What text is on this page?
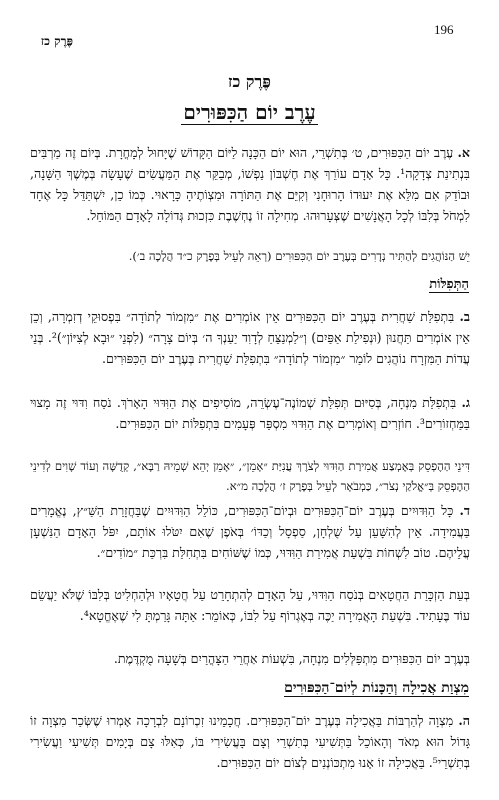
196
פֶּרֶק כז
פֶּרֶק כז
עֶרֶב יוֹם הַכִּפּוּרִים
א. עֶרֶב יוֹם הַכִּפּוּרִים, ט׳ בְּתִשְׁרֵי, הוּא יוֹם הַכָּנָה לַיּוֹם הַקָּדוֹשׁ שֶׁיָּחוּל לְמָחֳרָת. בְּיוֹם זֶה מַרְבִּים בִּנְתִינַת צְדָקָה¹. כָּל אָדָם עוֹרֵךְ אֶת חֶשְׁבּוֹן נַפְשׁוֹ, מְבַקֵּר אֶת הַמַּעֲשִׂים שֶׁעָשָׂה בְּמֶשֶׁךְ הַשָּׁנָה, וּבוֹדֵק אִם מִלֵּא אֶת יִעוּדוֹ הָרוּחָנִי וְקִיֵּם אֶת הַתּוֹרָה וּמִצְוֹתֶיהָ כָּרָאוּי. כְּמוֹ כֵן, יִשְׁתַּדֵּל כָּל אֶחָד לִמְחֹל בְּלִבּוֹ לְכָל הָאֲנָשִׁים שֶׁצְּעָרוּהוּ. מְחִילָה זוֹ נֶחְשֶׁבֶת כִּזְכוּת גְּדוֹלָה לָאָדָם הַמּוֹחֵל.
יֵשׁ הַנּוֹהֲגִים לְהַתִּיר נְדָרִים בְּעֶרֶב יוֹם הַכִּפּוּרִים (רְאֵה לְעֵיל בְּפֶרֶק כ״ד הֲלָכָה ב׳).
הַתְּפִלּוֹת
ב. בִּתְפִלַּת שַׁחֲרִית בְּעֶרֶב יוֹם הַכִּפּוּרִים אֵין אוֹמְרִים אֶת ״מִזְמוֹר לְתוֹדָה״ בִּפְסוּקֵי דְזִמְרָה, וְכֵן אֵין אוֹמְרִים תַּחֲנוּן (וּנְפִילַת אַפַּיִם) וְ״לַמְנַצֵּחַ לְדָוִד יַעַנְךָ ה׳ בְּיוֹם צָרָה״ (לִפְנֵי ״וּבָא לְצִיּוֹן״)². בְּנֵי עֲדוֹת הַמִּזְרָח נוֹהֲגִים לוֹמַר ״מִזְמוֹר לְתוֹדָה״ בִּתְפִלַּת שַׁחֲרִית בְּעֶרֶב יוֹם הַכִּפּוּרִים.
ג. בִּתְפִלַּת מִנְחָה, בְּסִיּוּם תְּפִלַּת שְׁמוֹנֶה־עֶשְׂרֵה, מוֹסִיפִים אֶת הַוִּדּוּי הָאָרֹךְ. נֹסַח וִדּוּי זֶה מָצוּי בַּמַּחְזוֹרִים³. חוֹזְרִים וְאוֹמְרִים אֶת הַוִּדּוּי מִסְפַּר פְּעָמִים בִּתְפִלּוֹת יוֹם הַכִּפּוּרִים.
דִּינֵי הַהֶפְסֵק בְּאֶמְצַע אֲמִירַת הַוִּדּוּי לְצֹרֶךְ עֲנִיַּת ״אָמֵן״, ״אָמֵן יְהֵא שְׁמֵיהּ רַבָּא״, קְדֻשָּׁה וְעוֹד שָׁוִים לְדִינֵי הַהֶפְסֵק בְּ״אֱלֹקַי נְצֹר״, כַּמְבֹאָר לְעֵיל בְּפֶרֶק ז׳ הֲלָכָה מ״א.
ד. כָּל הַוִּדּוּיִים בְּעֶרֶב יוֹם־הַכִּפּוּרִים וּבְיוֹם־הַכִּפּוּרִים, כּוֹלֵל הַוִּדּוּיִים שֶׁבַּחֲזָרַת הַשַּׁ״ץ, נֶאֱמָרִים בַּעֲמִידָה. אֵין לְהִשָּׁעֵן עַל שֻׁלְחָן, סַפְסָל וְכַדּוֹ׳ בְּאֹפֶן שֶׁאִם יִטֹּלוּ אוֹתָם, יִפֹּל הָאָדָם הַנִּשְׁעָן עֲלֵיהֶם. טוֹב לִשְׁחוֹת בִּשְׁעַת אֲמִירַת הַוִּדּוּי, כְּמוֹ שֶׁשּׁוֹחִים בִּתְחִלַּת בִּרְכַּת ״מוֹדִים״.
בְּעֵת הַזְכָּרַת הַחֲטָאִים בְּנֹסַח הַוִּדּוּי, עַל הָאָדָם לְהִתְחָרֵט עַל חֲטָאָיו וּלְהַחְלִיט בְּלִבּוֹ שֶׁלֹּא יַעֲשֵׂם עוֹד בֶּעָתִיד. בִּשְׁעַת הָאֲמִירָה יַכֶּה בְּאֶגְרוֹף עַל לִבּוֹ, כְּאוֹמֵר: אַתָּה גָּרַמְתָּ לִי שֶׁאֶחֱטָא⁴.
בְּעֶרֶב יוֹם הַכִּפּוּרִים מִתְפַּלְּלִים מִנְחָה, בִּשְׁעוֹת אַחֲרֵי הַצָּהֳרַיִם בְּשָׁעָה מֻקְדֶּמֶת.
מִצְוַת אֲכִילָה וְהַכָּנוֹת לְיוֹם־הַכִּפּוּרִים
ה. מִצְוָה לְהַרְבּוֹת בַּאֲכִילָה בְּעֶרֶב יוֹם־הַכִּפּוּרִים. חֲכָמֵינוּ זִכְרוֹנָם לִבְרָכָה אָמְרוּ שֶׁשְּׂכַר מִצְוָה זוֹ גָּדוֹל הוּא מְאֹד וְהָאוֹכֵל בַּתְּשִׁיעִי בְּתִשְׁרֵי וְצָם בָּעֲשִׂירִי בּוֹ, כְּאִלּוּ צָם בְּיָמִים תְּשִׁיעִי וַעֲשִׂירִי בְּתִשְׁרֵי⁵. בַּאֲכִילָה זוֹ אָנוּ מִתְכּוֹנְנִים לְצוֹם יוֹם הַכִּפּוּרִים.
